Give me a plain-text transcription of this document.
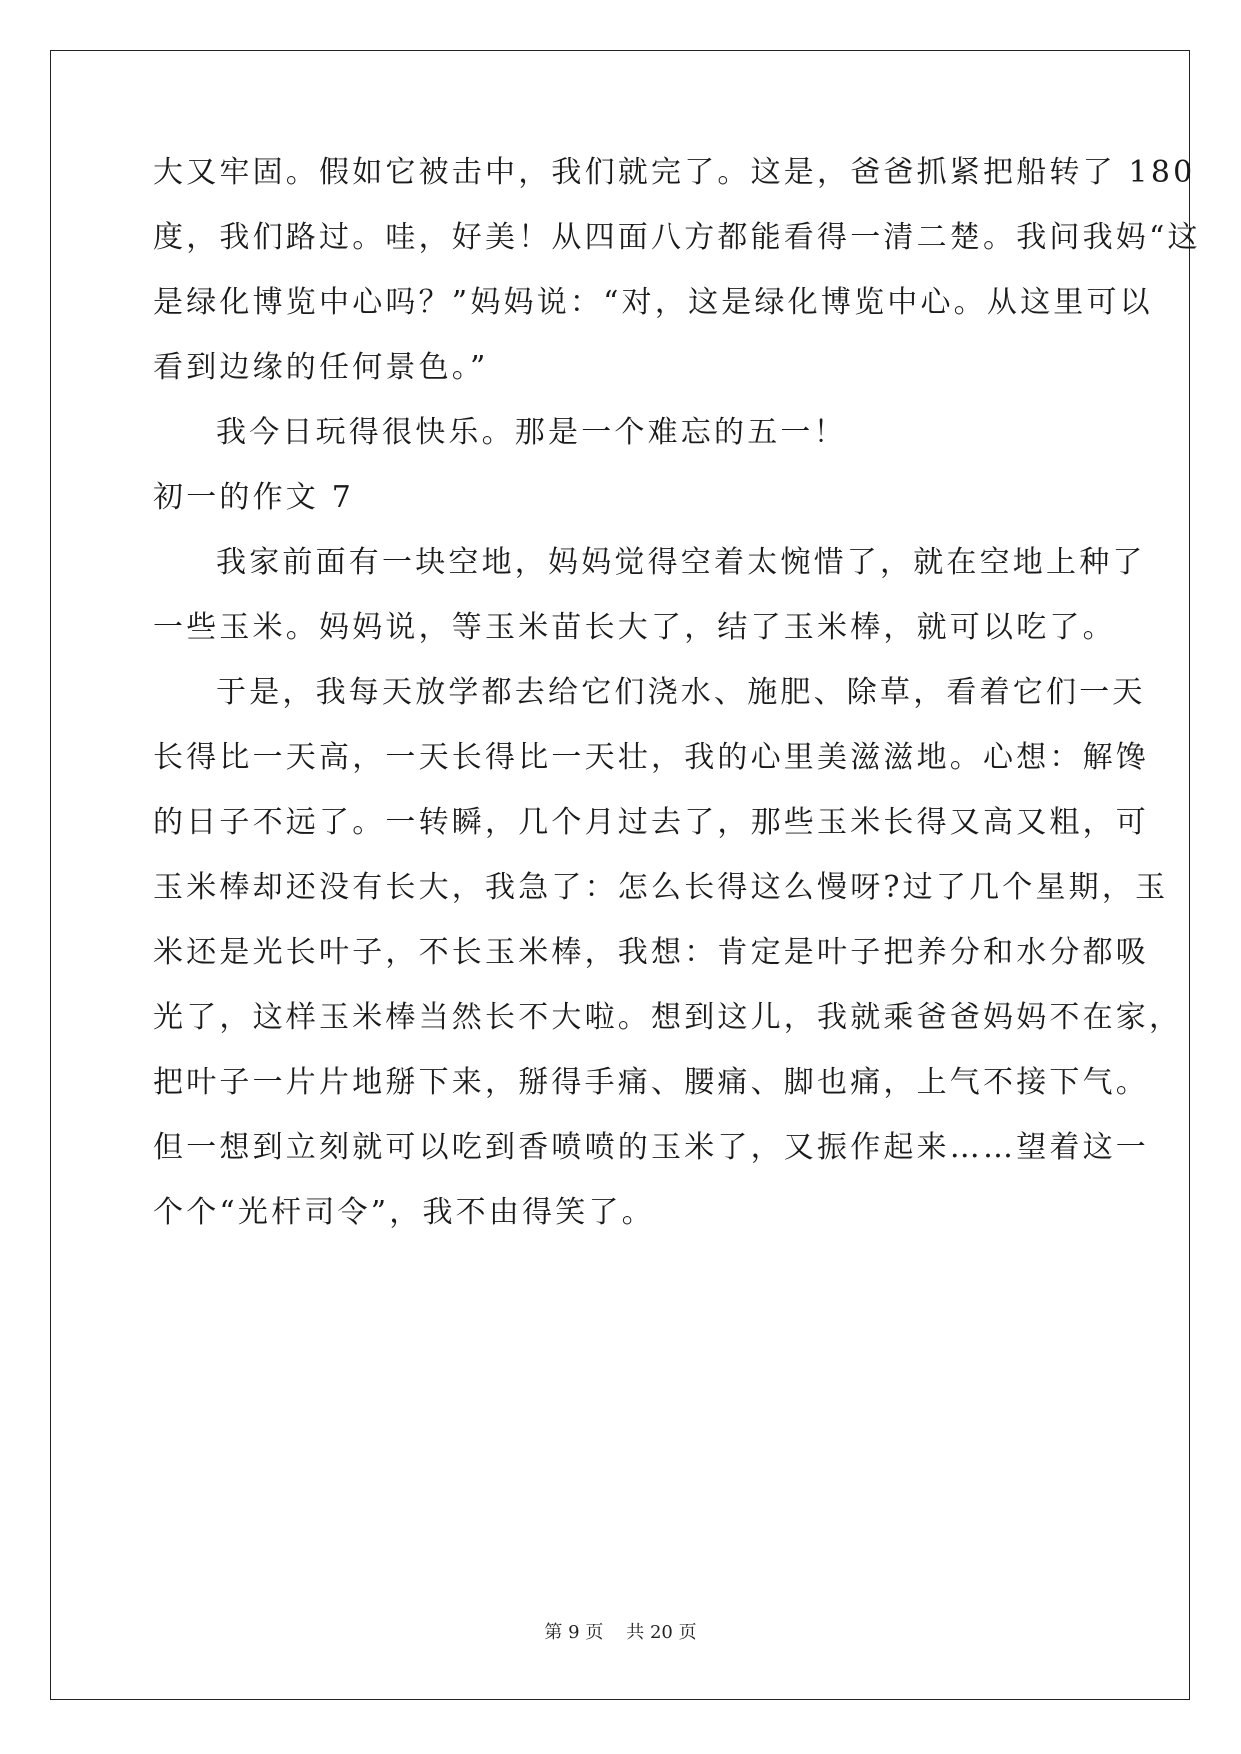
大又牢固。假如它被击中，我们就完了。这是，爸爸抓紧把船转了 180
度，我们路过。哇，好美！从四面八方都能看得一清二楚。我问我妈“这
是绿化博览中心吗？”妈妈说：“对，这是绿化博览中心。从这里可以
看到边缘的任何景色。”
我今日玩得很快乐。那是一个难忘的五一！
初一的作文 7
我家前面有一块空地，妈妈觉得空着太惋惜了，就在空地上种了
一些玉米。妈妈说，等玉米苗长大了，结了玉米棒，就可以吃了。
于是，我每天放学都去给它们浇水、施肥、除草，看着它们一天
长得比一天高，一天长得比一天壮，我的心里美滋滋地。心想：解馋
的日子不远了。一转瞬，几个月过去了，那些玉米长得又高又粗，可
玉米棒却还没有长大，我急了：怎么长得这么慢呀?过了几个星期，玉
米还是光长叶子，不长玉米棒，我想：肯定是叶子把养分和水分都吸
光了，这样玉米棒当然长不大啦。想到这儿，我就乘爸爸妈妈不在家，
把叶子一片片地掰下来，掰得手痛、腰痛、脚也痛，上气不接下气。
但一想到立刻就可以吃到香喷喷的玉米了，又振作起来……望着这一
个个“光杆司令”，我不由得笑了。
第 9 页 共 20 页
